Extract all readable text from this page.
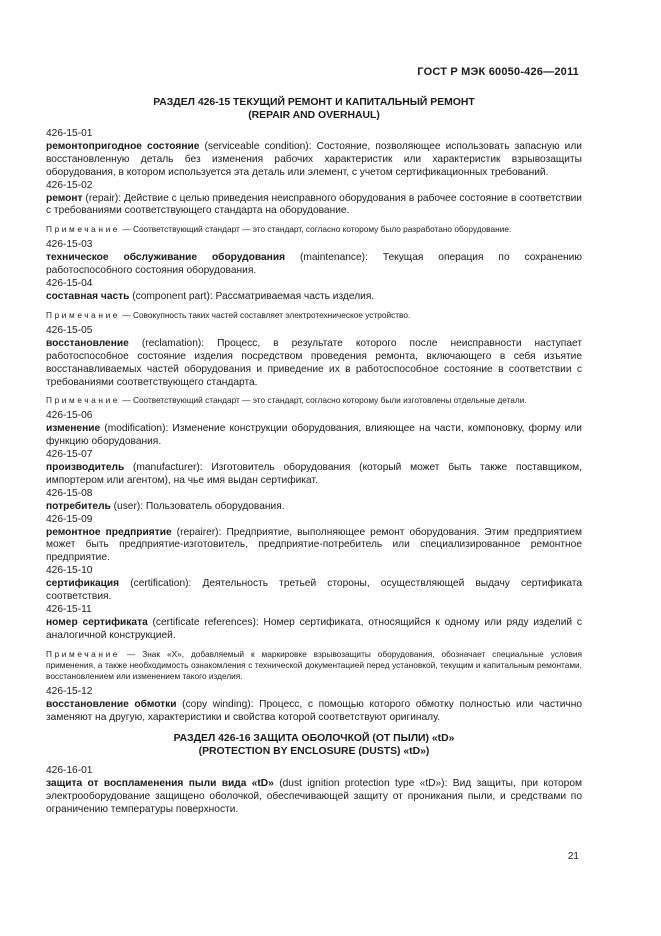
ГОСТ Р МЭК 60050-426—2011
РАЗДЕЛ 426-15 ТЕКУЩИЙ РЕМОНТ И КАПИТАЛЬНЫЙ РЕМОНТ
(REPAIR AND OVERHAUL)
426-15-01
ремонтопригодное состояние (serviceable condition): Состояние, позволяющее использовать запасную или восстановленную деталь без изменения рабочих характеристик или характеристик взрывозащиты оборудования, в котором используется эта деталь или элемент, с учетом сертификационных требований.
426-15-02
ремонт (repair): Действие с целью приведения неисправного оборудования в рабочее состояние в соответствии с требованиями соответствующего стандарта на оборудование.
Примечание — Соответствующий стандарт — это стандарт, согласно которому было разработано оборудование.
426-15-03
техническое обслуживание оборудования (maintenance): Текущая операция по сохранению работоспособного состояния оборудования.
426-15-04
составная часть (component part): Рассматриваемая часть изделия.
Примечание — Совокупность таких частей составляет электротехническое устройство.
426-15-05
восстановление (reclamation): Процесс, в результате которого после неисправности наступает работоспособное состояние изделия посредством проведения ремонта, включающего в себя изъятие восстанавливаемых частей оборудования и приведение их в работоспособное состояние в соответствии с требованиями соответствующего стандарта.
Примечание — Соответствующий стандарт — это стандарт, согласно которому были изготовлены отдельные детали.
426-15-06
изменение (modification): Изменение конструкции оборудования, влияющее на части, компоновку, форму или функцию оборудования.
426-15-07
производитель (manufacturer): Изготовитель оборудования (который может быть также поставщиком, импортером или агентом), на чье имя выдан сертификат.
426-15-08
потребитель (user): Пользователь оборудования.
426-15-09
ремонтное предприятие (repairer): Предприятие, выполняющее ремонт оборудования. Этим предприятием может быть предприятие-изготовитель, предприятие-потребитель или специализированное ремонтное предприятие.
426-15-10
сертификация (certification): Деятельность третьей стороны, осуществляющей выдачу сертификата соответствия.
426-15-11
номер сертификата (certificate references): Номер сертификата, относящийся к одному или ряду изделий с аналогичной конструкцией.
Примечание — Знак «X», добавляемый к маркировке взрывозащиты оборудования, обозначает специальные условия применения, а также необходимость ознакомления с технической документацией перед установкой, текущим и капитальным ремонтами, восстановлением или изменением такого изделия.
426-15-12
восстановление обмотки (copy winding): Процесс, с помощью которого обмотку полностью или частично заменяют на другую, характеристики и свойства которой соответствуют оригиналу.
РАЗДЕЛ 426-16 ЗАЩИТА ОБОЛОЧКОЙ (ОТ ПЫЛИ) «tD»
(PROTECTION BY ENCLOSURE (DUSTS) «tD»)
426-16-01
защита от воспламенения пыли вида «tD» (dust ignition protection type «tD»): Вид защиты, при котором электрооборудование защищено оболочкой, обеспечивающей защиту от проникания пыли, и средствами по ограничению температуры поверхности.
21
